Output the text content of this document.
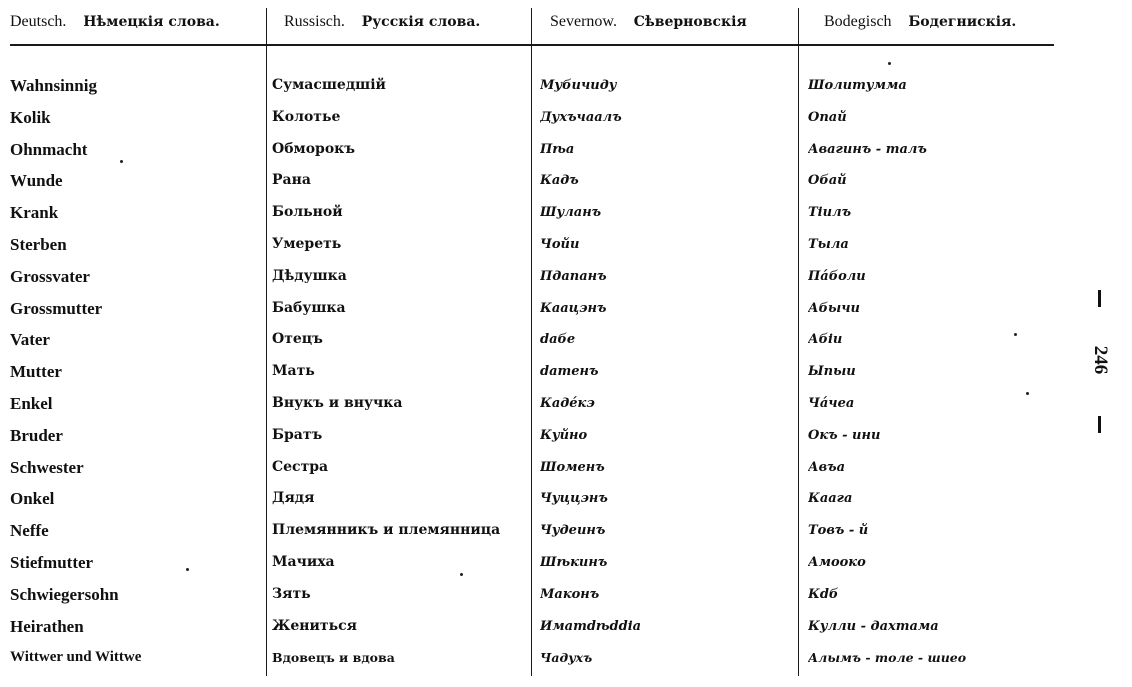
Deutsch. Нѣмецкія слова.	Russisch. Русскія слова.	Severnow. Сѣверновскія	Bodegisch Бодегнискія.
Wahnsinnig	Сумасшедшій	Мубичиду	Шолитумма
Kolik	Колотье	Духъчаалъ	Опай
Ohnmacht	Обморокъ	Пѣа	Авагинъ - талъ
Wunde	Рана	Кадъ	Обай
Krank	Больной	Шуланъ	Тіилъ
Sterben	Умереть	Чойи	Тыла
Grossvater	Дѣдушка	Пдапанъ	Пáболи
Grossmutter	Бабушка	Кaацэнъ	Абычи
Vater	Отецъ	dабе	Абіи
Mutter	Мать	dатенъ	Ыпыи
Enkel	Внукъ и внучка	Кадéкэ	Чáчеа
Bruder	Братъ	Куйно	Окъ - ини
Schwester	Сестра	Шоменъ	Авъа
Onkel	Дядя	Чуццэнъ	Каага
Neffe	Племянникъ и племянница	Чудеинъ	Товъ - й
Stiefmutter	Мачиха	Шѣкинъ	Амооко
Schwiegersohn	Зять	Маконъ	Кdб
Heirathen	Жениться	Иматdѣddіа	Кулли - дахтама
Wittwer und Wittwe	Вдовецъ и вдова	Чадухъ	Алымъ - толе - шиео
246
